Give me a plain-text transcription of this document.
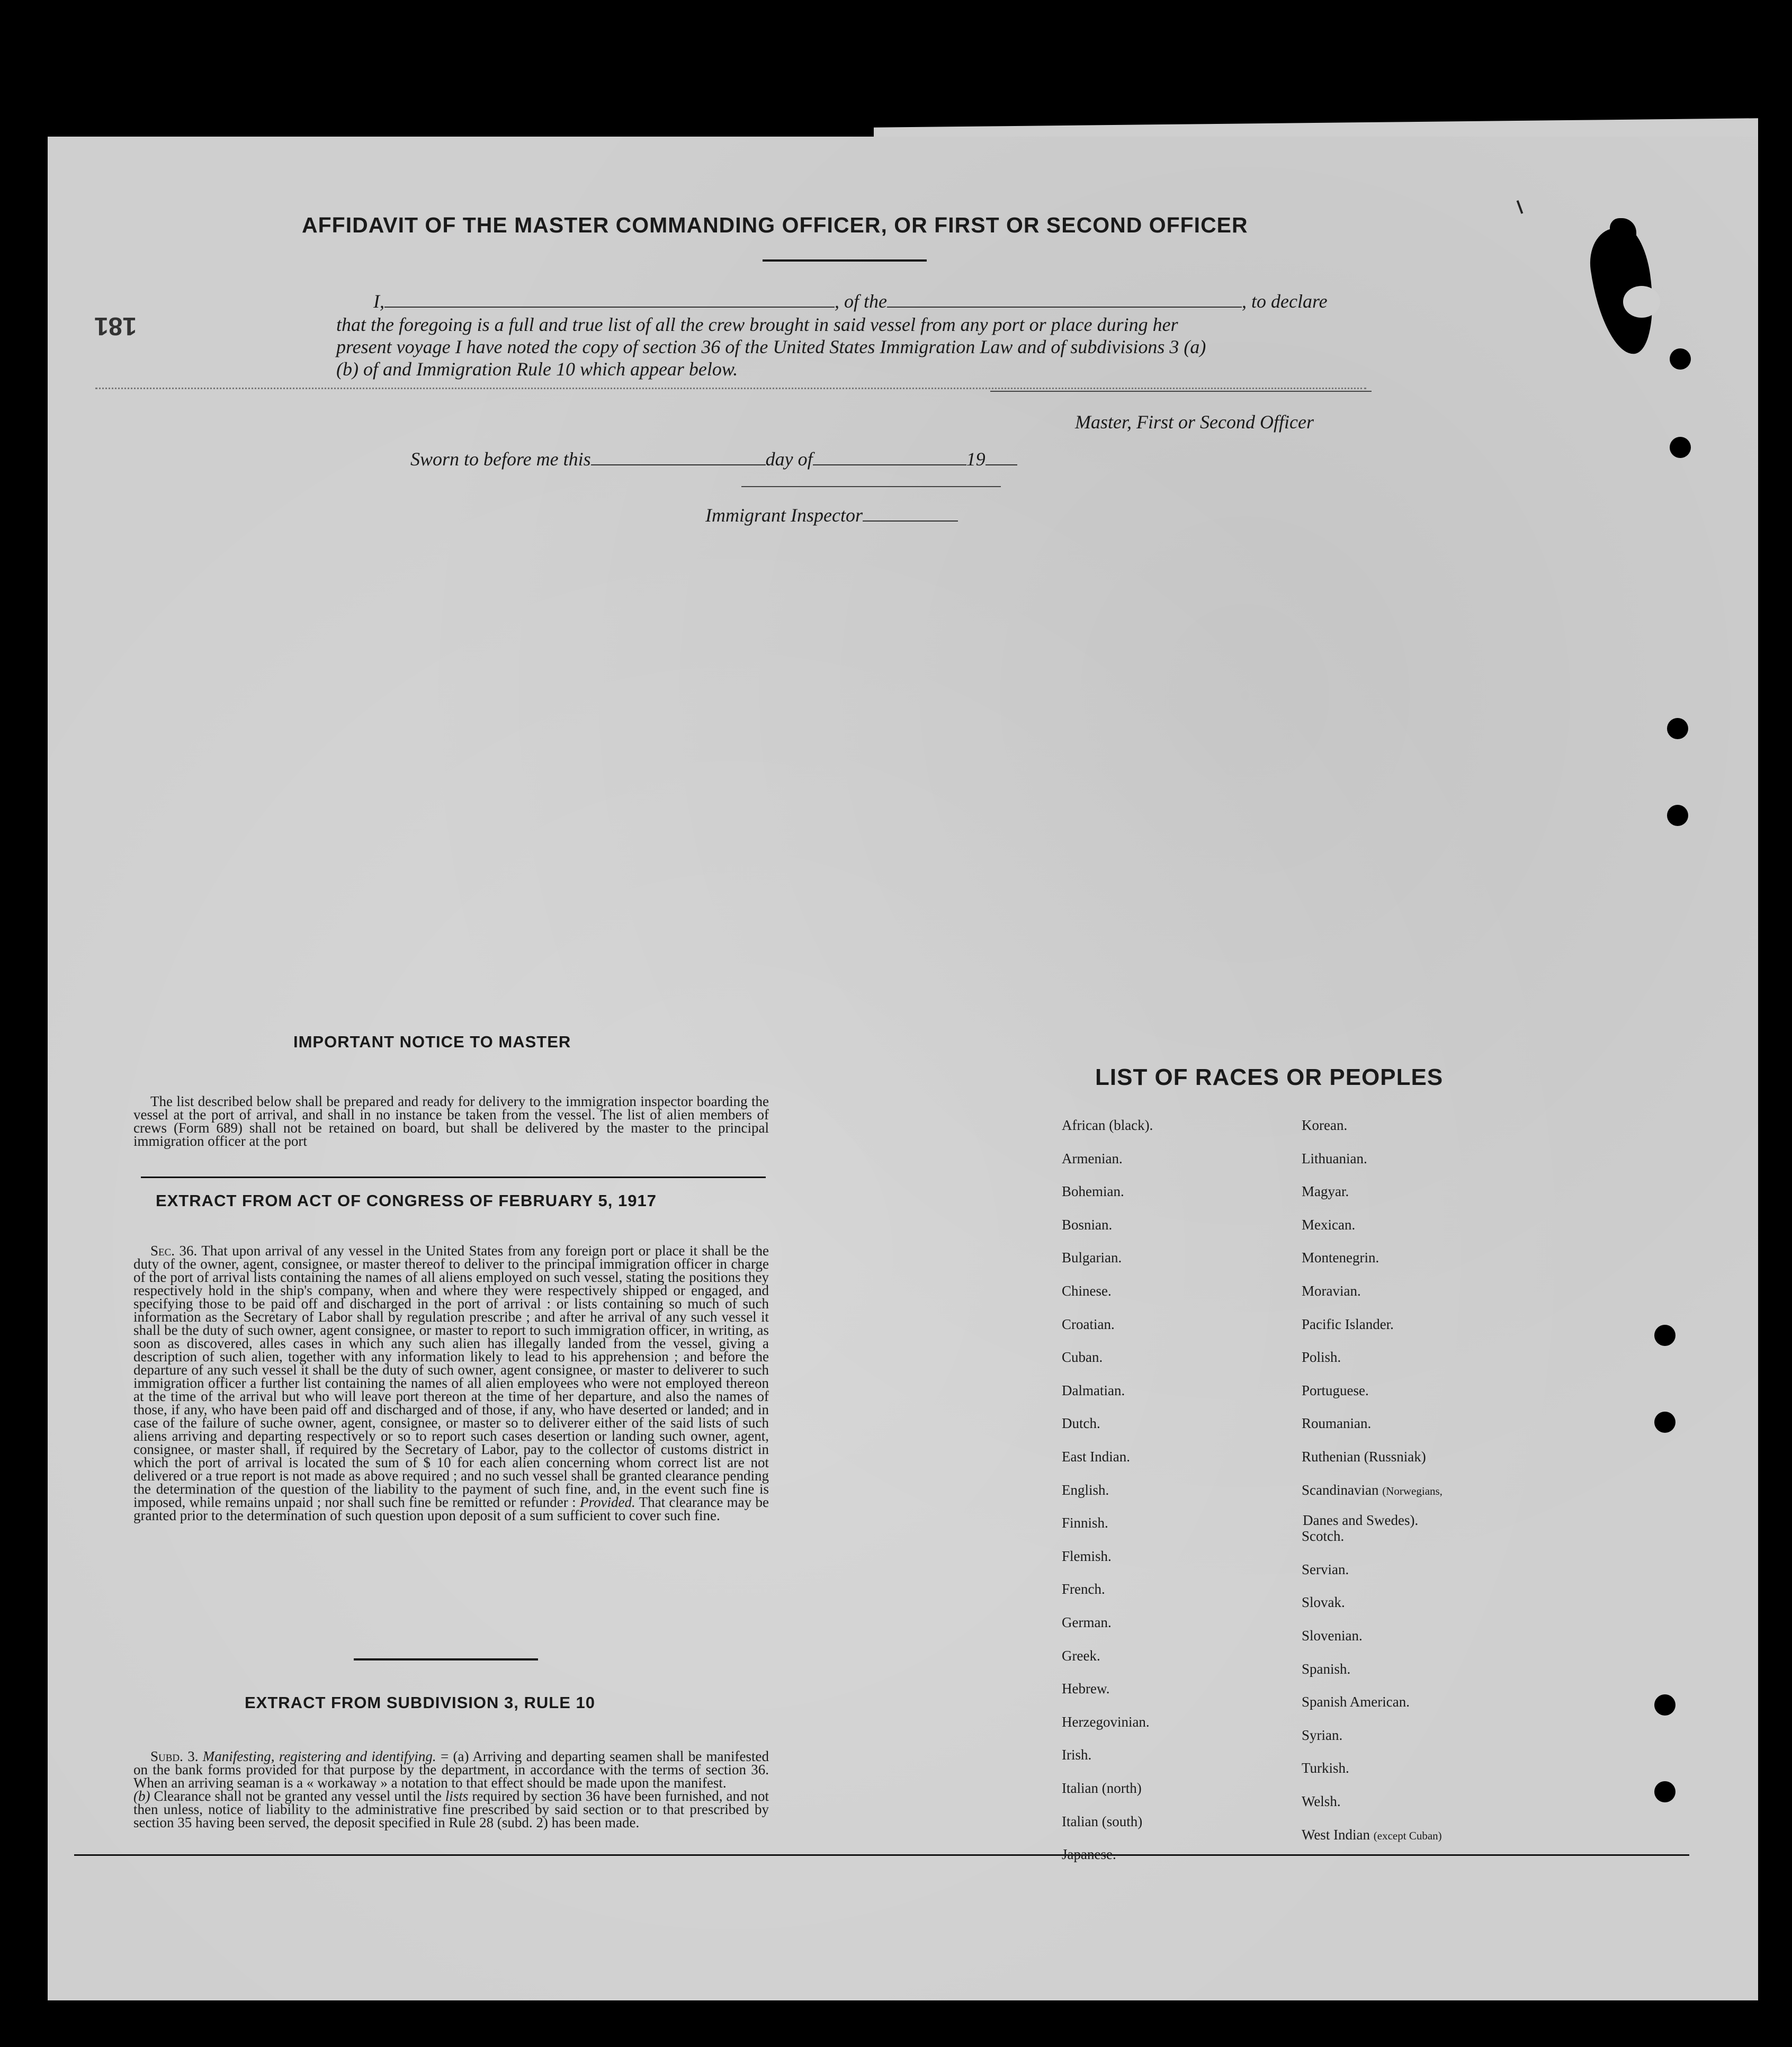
181
AFFIDAVIT OF THE MASTER COMMANDING OFFICER, OR FIRST OR SECOND OFFICER
I,	, of the	, to declare
that the foregoing is a full and true list of all the crew brought in said vessel from any port or place during her
present voyage I have noted the copy of section 36 of the United States Immigration Law and of subdivisions 3 (a)
(b) of and Immigration Rule 10 which appear below.
Master, First or Second Officer
Sworn to before me this	day of	19
Immigrant Inspector
IMPORTANT NOTICE TO MASTER
The list described below shall be prepared and ready for delivery to the immigration inspector boarding the vessel at the port of arrival, and shall in no instance be taken from the vessel. The list of alien members of crews (Form 689) shall not be retained on board, but shall be delivered by the master to the principal immigration officer at the port
EXTRACT FROM ACT OF CONGRESS OF FEBRUARY 5, 1917
Sec. 36. That upon arrival of any vessel in the United States from any foreign port or place it shall be the duty of the owner, agent, consignee, or master thereof to deliver to the principal immigration officer in charge of the port of arrival lists containing the names of all aliens employed on such vessel, stating the positions they respectively hold in the ship's company, when and where they were respectively shipped or engaged, and specifying those to be paid off and discharged in the port of arrival : or lists containing so much of such information as the Secretary of Labor shall by regulation prescribe ; and after he arrival of any such vessel it shall be the duty of such owner, agent consignee, or master to report to such immigration officer, in writing, as soon as discovered, alles cases in which any such alien has illegally landed from the vessel, giving a description of such alien, together with any information likely to lead to his apprehension ; and before the departure of any such vessel it shall be the duty of such owner, agent consignee, or master to deliverer to such immigration officer a further list containing the names of all alien employees who were not employed thereon at the time of the arrival but who will leave port thereon at the time of her departure, and also the names of those, if any, who have been paid off and discharged and of those, if any, who have deserted or landed; and in case of the failure of suche owner, agent, consignee, or master so to deliverer either of the said lists of such aliens arriving and departing respectively or so to report such cases desertion or landing such owner, agent, consignee, or master shall, if required by the Secretary of Labor, pay to the collector of customs district in which the port of arrival is located the sum of $ 10 for each alien concerning whom correct list are not delivered or a true report is not made as above required ; and no such vessel shall be granted clearance pending the determination of the question of the liability to the payment of such fine, and, in the event such fine is imposed, while remains unpaid ; nor shall such fine be remitted or refunder : Provided. That clearance may be granted prior to the determination of such question upon deposit of a sum sufficient to cover such fine.
EXTRACT FROM SUBDIVISION 3, RULE 10
Subd. 3. Manifesting, registering and identifying. = (a) Arriving and departing seamen shall be manifested on the bank forms provided for that purpose by the department, in accordance with the terms of section 36. When an arriving seaman is a « workaway » a notation to that effect should be made upon the manifest.
(b) Clearance shall not be granted any vessel until the lists required by section 36 have been furnished, and not then unless, notice of liability to the administrative fine prescribed by said section or to that prescribed by section 35 having been served, the deposit specified in Rule 28 (subd. 2) has been made.
LIST OF RACES OR PEOPLES
African (black).
Armenian.
Bohemian.
Bosnian.
Bulgarian.
Chinese.
Croatian.
Cuban.
Dalmatian.
Dutch.
East Indian.
English.
Finnish.
Flemish.
French.
German.
Greek.
Hebrew.
Herzegovinian.
Irish.
Italian (north)
Italian (south)
Japanese.
Korean.
Lithuanian.
Magyar.
Mexican.
Montenegrin.
Moravian.
Pacific Islander.
Polish.
Portuguese.
Roumanian.
Ruthenian (Russniak)
Scandinavian (Norwegians,
Scotch.
Servian.
Slovak.
Slovenian.
Spanish.
Spanish American.
Syrian.
Turkish.
Welsh.
West Indian (except Cuban)
Danes and Swedes).
